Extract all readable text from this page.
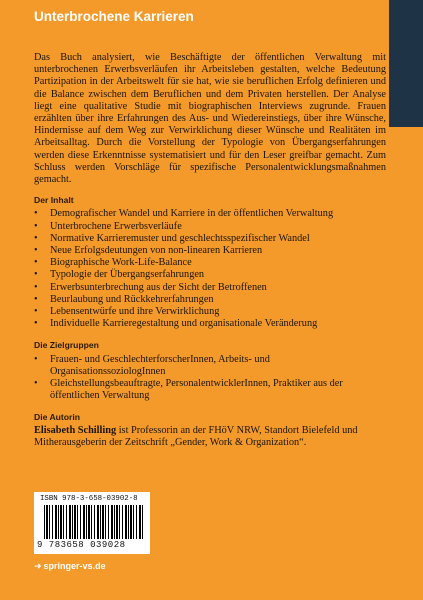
Unterbrochene Karrieren

Das Buch analysiert, wie Beschäftigte der öffentlichen Verwaltung mit unterbrochenen Erwerbsverläufen ihr Arbeitsleben gestalten, welche Bedeutung Partizipation in der Arbeitswelt für sie hat, wie sie beruflichen Erfolg definieren und die Balance zwischen dem Beruflichen und dem Privaten herstellen. Der Analyse liegt eine qualitative Studie mit biographischen Interviews zugrunde. Frauen erzählten über ihre Erfahrungen des Aus- und Wiedereinstiegs, über ihre Wünsche, Hindernisse auf dem Weg zur Verwirklichung dieser Wünsche und Realitäten im Arbeitsalltag. Durch die Vorstellung der Typologie von Übergangserfahrungen werden diese Erkenntnisse systematisiert und für den Leser greifbar gemacht. Zum Schluss werden Vorschläge für spezifische Personalentwicklungsmaßnahmen gemacht.

Der Inhalt

• Demografischer Wandel und Karriere in der öffentlichen Verwaltung
• Unterbrochene Erwerbsverläufe
• Normative Karrieremuster und geschlechtsspezifischer Wandel
• Neue Erfolgsdeutungen von non-linearen Karrieren
• Biographische Work-Life-Balance
• Typologie der Übergangserfahrungen
• Erwerbsunterbrechung aus der Sicht der Betroffenen
• Beurlaubung und Rückkehrerfahrungen
• Lebensentwürfe und ihre Verwirklichung
• Individuelle Karrieregestaltung und organisationale Veränderung

Die Zielgruppen

• Frauen- und GeschlechterforscherInnen, Arbeits- und OrganisationssoziologInnen
• Gleichstellungsbeauftragte, PersonalentwicklerInnen, Praktiker aus der öffentlichen Verwaltung

Die Autorin

Elisabeth Schilling ist Professorin an der FHöV NRW, Standort Bielefeld und Mitherausgeberin der Zeitschrift „Gender, Work & Organization“.

ISBN 978-3-658-03902-8
9 783658 039028
➜ springer-vs.de
